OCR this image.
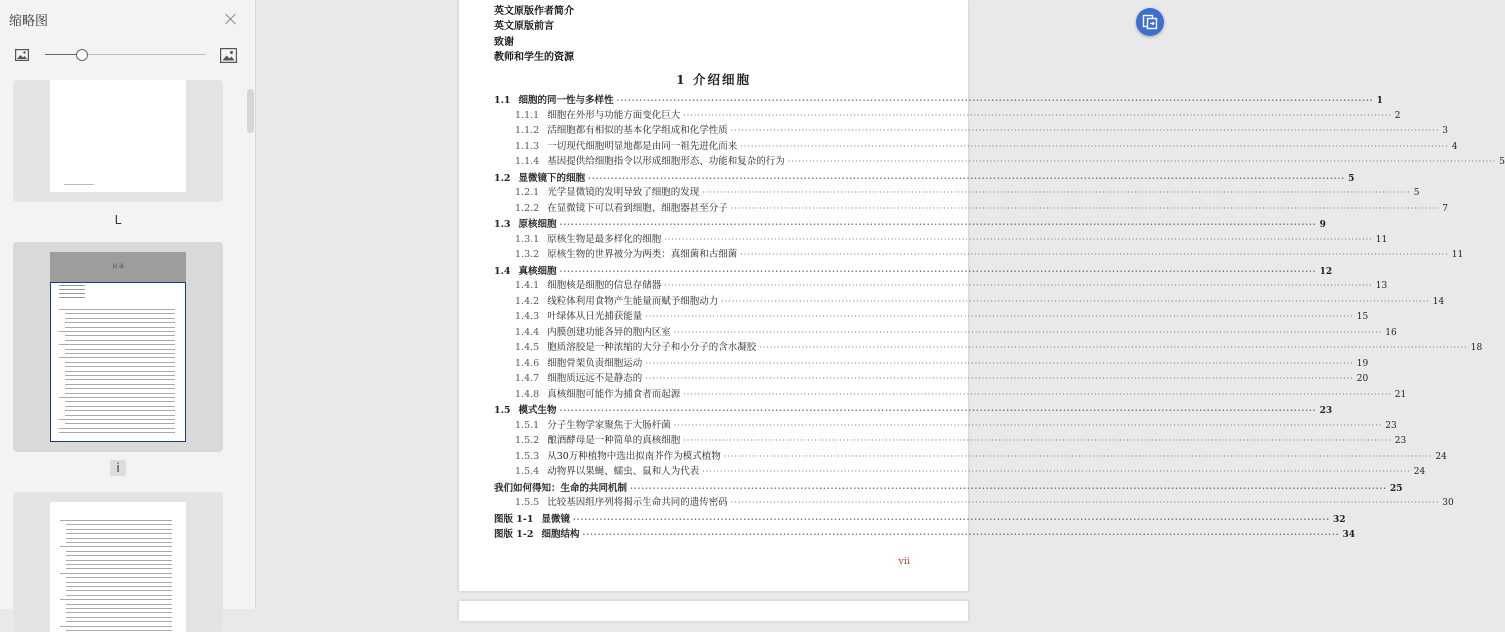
缩略图
L
目 录
i
英文原版作者简介
英文原版前言
致谢
教师和学生的资源
1 介绍细胞
vii
1.1 细胞的同一性与多样性 ········································································································································································································ 1
1.1.1 细胞在外形与功能方面变化巨大 ········································································································································································································ 2
1.1.2 活细胞都有相似的基本化学组成和化学性质 ········································································································································································································ 3
1.1.3 一切现代细胞明显地都是由同一祖先进化而来 ········································································································································································································ 4
1.1.4 基因提供给细胞指令以形成细胞形态、功能和复杂的行为 ········································································································································································································ 5
1.2 显微镜下的细胞 ········································································································································································································ 5
1.2.1 光学显微镜的发明导致了细胞的发现 ········································································································································································································ 5
1.2.2 在显微镜下可以看到细胞、细胞器甚至分子 ········································································································································································································ 7
1.3 原核细胞 ········································································································································································································ 9
1.3.1 原核生物是最多样化的细胞 ········································································································································································································ 11
1.3.2 原核生物的世界被分为两类：真细菌和古细菌 ········································································································································································································ 11
1.4 真核细胞 ········································································································································································································ 12
1.4.1 细胞核是细胞的信息存储器 ········································································································································································································ 13
1.4.2 线粒体利用食物产生能量而赋予细胞动力 ········································································································································································································ 14
1.4.3 叶绿体从日光捕获能量 ········································································································································································································ 15
1.4.4 内膜创建功能各异的胞内区室 ········································································································································································································ 16
1.4.5 胞质溶胶是一种浓缩的大分子和小分子的含水凝胶 ········································································································································································································ 18
1.4.6 细胞骨架负责细胞运动 ········································································································································································································ 19
1.4.7 细胞质远远不是静态的 ········································································································································································································ 20
1.4.8 真核细胞可能作为捕食者而起源 ········································································································································································································ 21
1.5 模式生物 ········································································································································································································ 23
1.5.1 分子生物学家聚焦于大肠杆菌 ········································································································································································································ 23
1.5.2 酿酒酵母是一种简单的真核细胞 ········································································································································································································ 23
1.5.3 从30万种植物中选出拟南芥作为模式植物 ········································································································································································································ 24
1.5.4 动物界以果蝇、蠕虫、鼠和人为代表 ········································································································································································································ 24
我们如何得知：生命的共同机制 ········································································································································································································ 25
1.5.5 比较基因组序列将揭示生命共同的遗传密码 ········································································································································································································ 30
图版 1-1 显微镜 ········································································································································································································ 32
图版 1-2 细胞结构 ········································································································································································································ 34
